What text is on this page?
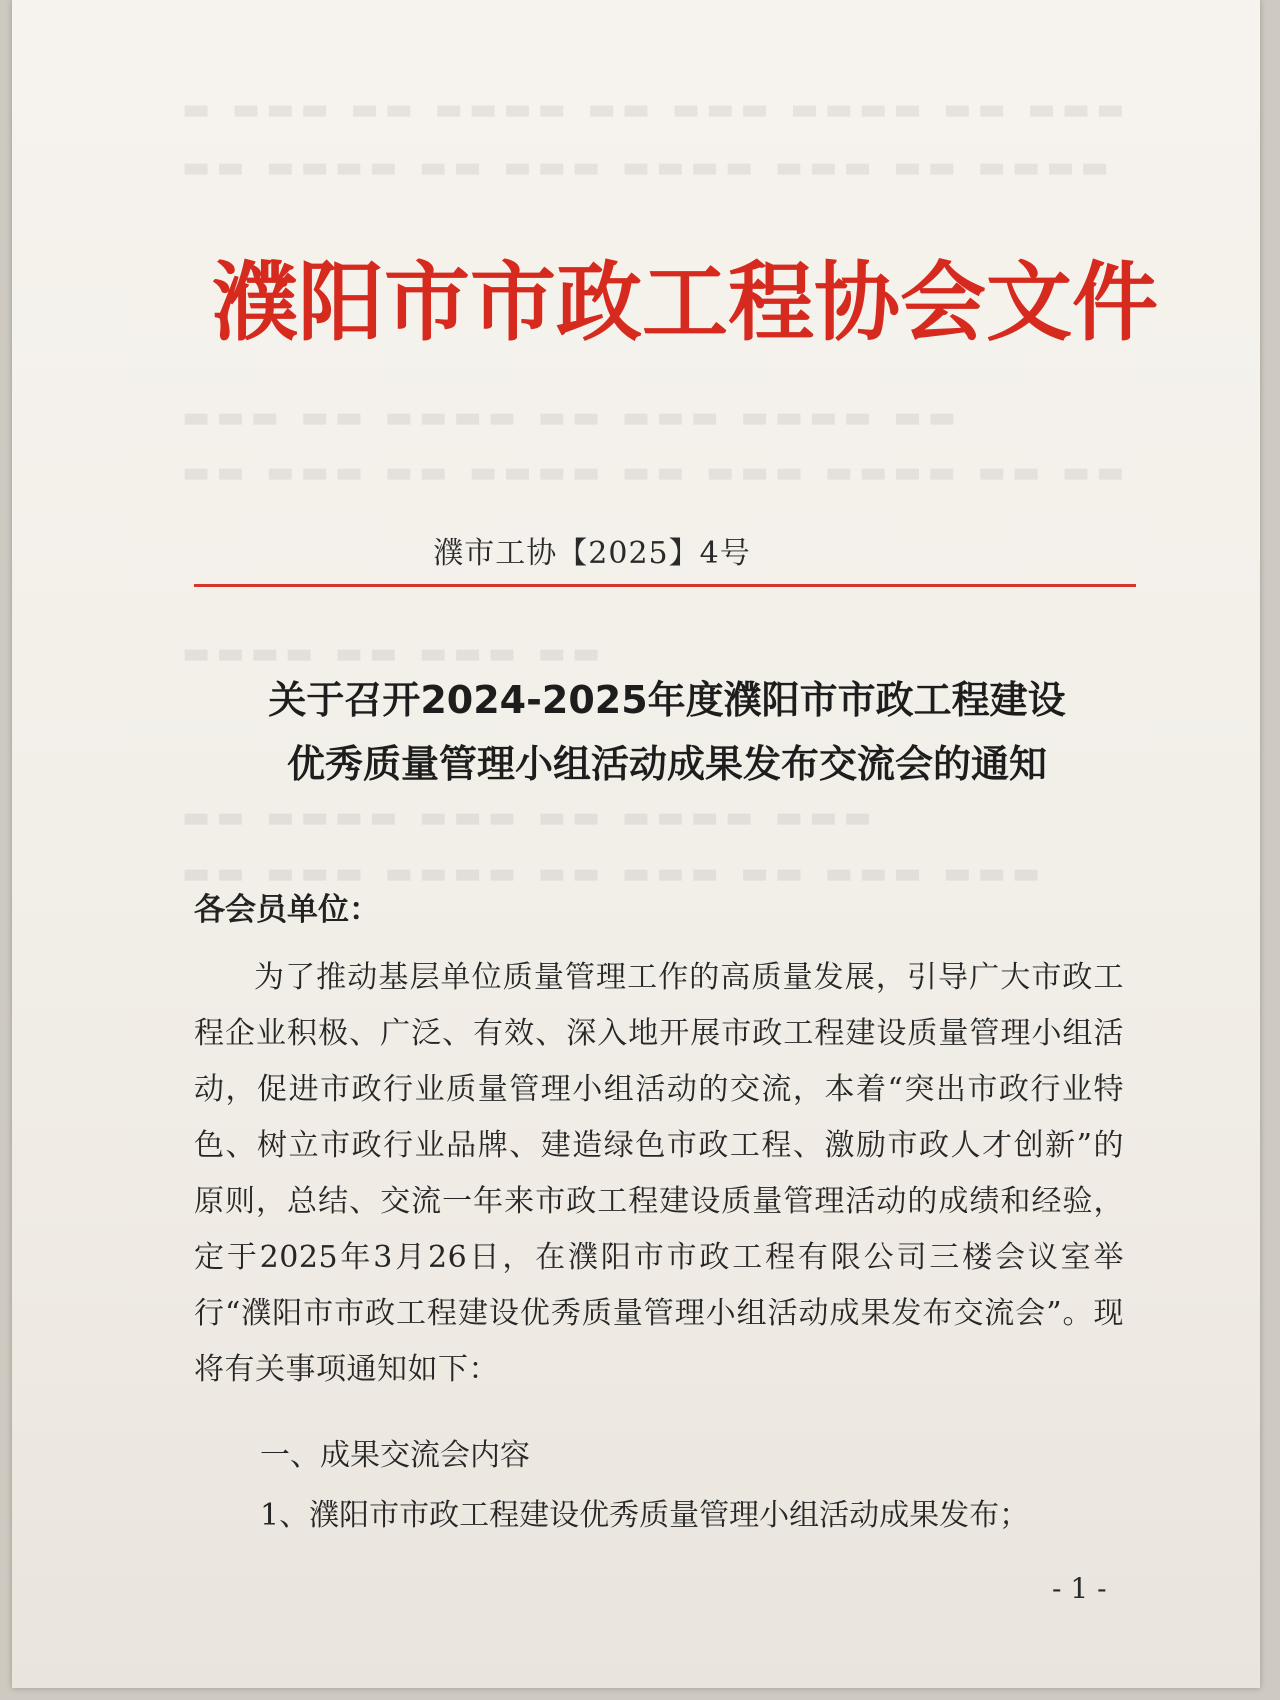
▬ ▬▬▬ ▬▬ ▬▬▬▬ ▬▬ ▬▬▬ ▬▬▬▬ ▬▬ ▬▬▬
▬▬ ▬▬▬▬ ▬▬ ▬▬▬ ▬▬▬▬ ▬▬▬ ▬▬ ▬▬▬▬
▬▬▬ ▬▬ ▬▬▬▬ ▬▬ ▬▬▬ ▬▬▬▬ ▬▬
▬▬ ▬▬▬ ▬▬ ▬▬▬▬ ▬▬ ▬▬▬ ▬▬▬▬ ▬▬ ▬▬
▬▬▬▬ ▬▬ ▬▬▬ ▬▬
▬▬ ▬▬▬▬ ▬▬▬ ▬▬ ▬▬▬▬ ▬▬▬
▬▬ ▬▬▬ ▬▬▬▬ ▬▬ ▬▬▬ ▬▬ ▬▬▬ ▬▬▬
濮阳市市政工程协会文件
濮市工协【2025】4号
关于召开2024-2025年度濮阳市市政工程建设
优秀质量管理小组活动成果发布交流会的通知
各会员单位：

为了推动基层单位质量管理工作的高质量发展，引导广大市政工程企业积极、广泛、有效、深入地开展市政工程建设质量管理小组活动，促进市政行业质量管理小组活动的交流，本着“突出市政行业特色、树立市政行业品牌、建造绿色市政工程、激励市政人才创新”的原则，总结、交流一年来市政工程建设质量管理活动的成绩和经验，定于2025年3月26日，在濮阳市市政工程有限公司三楼会议室举行“濮阳市市政工程建设优秀质量管理小组活动成果发布交流会”。现将有关事项通知如下：

一、成果交流会内容
1、濮阳市市政工程建设优秀质量管理小组活动成果发布；
- 1 -
